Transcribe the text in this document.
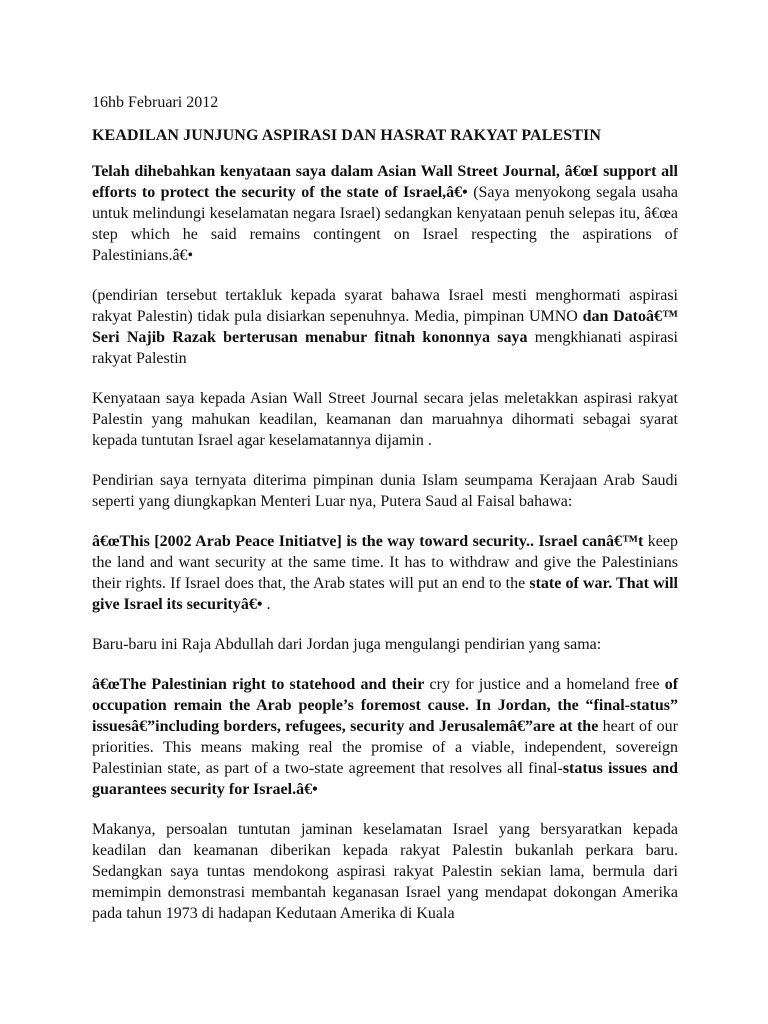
16hb Februari 2012

KEADILAN JUNJUNG ASPIRASI DAN HASRAT RAKYAT PALESTIN

Telah dihebahkan kenyataan saya dalam Asian Wall Street Journal, â€œI support all efforts to protect the security of the state of Israel,â€• (Saya menyokong segala usaha untuk melindungi keselamatan negara Israel) sedangkan kenyataan penuh selepas itu, â€œa step which he said remains contingent on Israel respecting the aspirations of Palestinians.â€•

(pendirian tersebut tertakluk kepada syarat bahawa Israel mesti menghormati aspirasi rakyat Palestin) tidak pula disiarkan sepenuhnya. Media, pimpinan UMNO dan Datoâ€™ Seri Najib Razak berterusan menabur fitnah kononnya saya mengkhianati aspirasi rakyat Palestin

Kenyataan saya kepada Asian Wall Street Journal secara jelas meletakkan aspirasi rakyat Palestin yang mahukan keadilan, keamanan dan maruahnya dihormati sebagai syarat kepada tuntutan Israel agar keselamatannya dijamin .

Pendirian saya ternyata diterima pimpinan dunia Islam seumpama Kerajaan Arab Saudi seperti yang diungkapkan Menteri Luar nya, Putera Saud al Faisal bahawa:

â€œThis [2002 Arab Peace Initiatve] is the way toward security.. Israel canâ€™t keep the land and want security at the same time. It has to withdraw and give the Palestinians their rights. If Israel does that, the Arab states will put an end to the state of war. That will give Israel its securityâ€• .

Baru-baru ini Raja Abdullah dari Jordan juga mengulangi pendirian yang sama:

â€œThe Palestinian right to statehood and their cry for justice and a homeland free of occupation remain the Arab people’s foremost cause. In Jordan, the “final-status” issuesâ€”including borders, refugees, security and Jerusalemâ€”are at the heart of our priorities. This means making real the promise of a viable, independent, sovereign Palestinian state, as part of a two-state agreement that resolves all final-status issues and guarantees security for Israel.â€•

Makanya, persoalan tuntutan jaminan keselamatan Israel yang bersyaratkan kepada keadilan dan keamanan diberikan kepada rakyat Palestin bukanlah perkara baru. Sedangkan saya tuntas mendokong aspirasi rakyat Palestin sekian lama, bermula dari memimpin demonstrasi membantah keganasan Israel yang mendapat dokongan Amerika pada tahun 1973 di hadapan Kedutaan Amerika di Kuala
